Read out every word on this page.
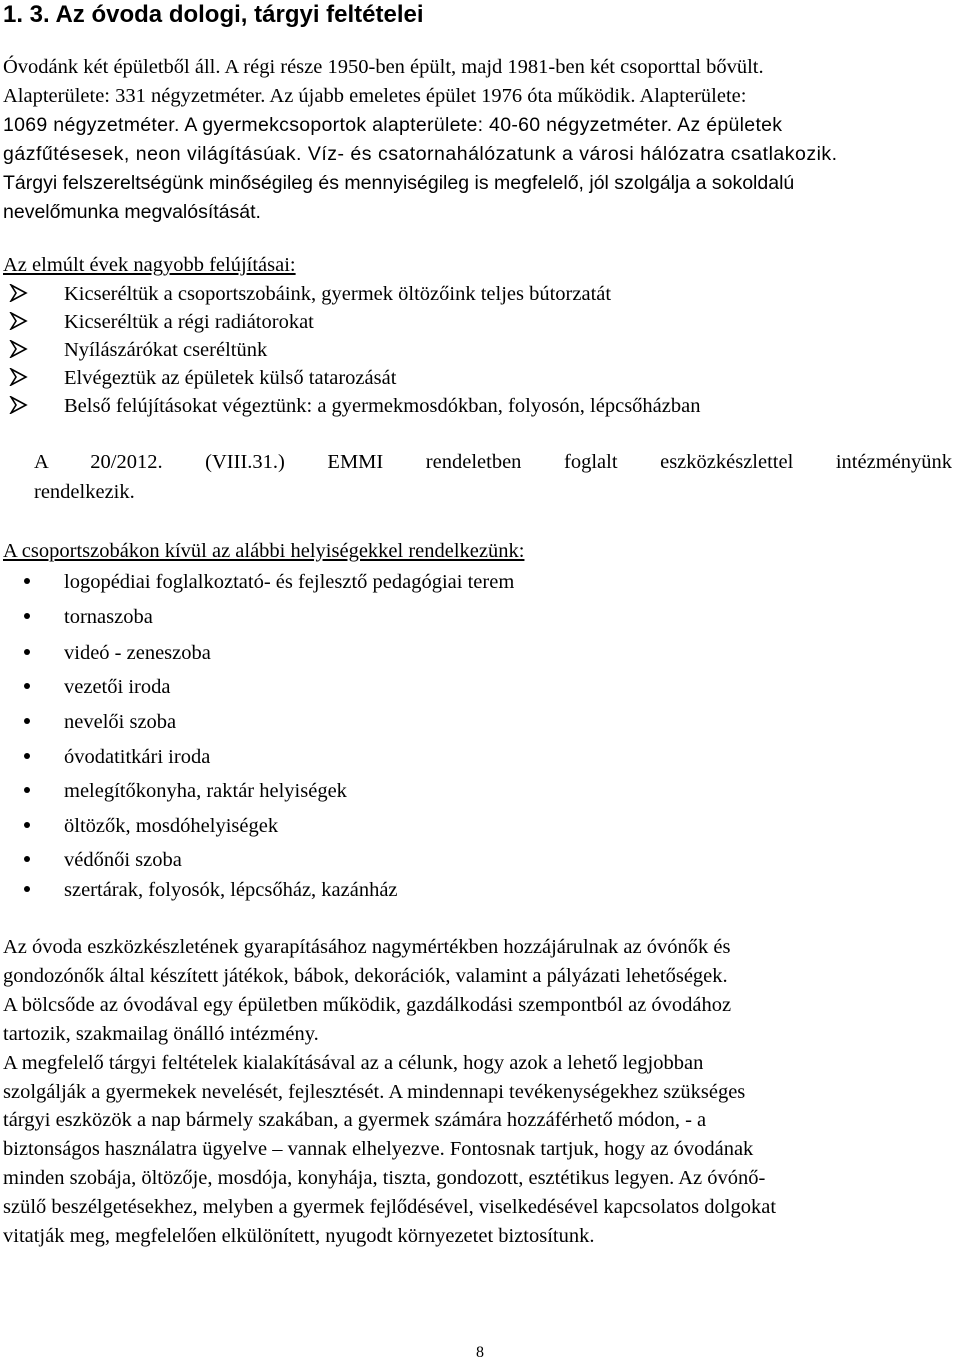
1. 3. Az óvoda dologi, tárgyi feltételei
Óvodánk két épületből áll. A régi része 1950-ben épült, majd 1981-ben két csoporttal bővült.
Alapterülete: 331 négyzetméter. Az újabb emeletes épület 1976 óta működik. Alapterülete:
1069 négyzetméter. A gyermekcsoportok alapterülete: 40-60 négyzetméter. Az épületek
gázfűtésesek, neon világításúak. Víz- és csatornahálózatunk a városi hálózatra csatlakozik.
Tárgyi felszereltségünk minőségileg és mennyiségileg is megfelelő, jól szolgálja a sokoldalú
nevelőmunka megvalósítását.
Az elmúlt évek nagyobb felújításai:
Kicseréltük a csoportszobáink, gyermek öltözőink teljes bútorzatát
Kicseréltük a régi radiátorokat
Nyílászárókat cseréltünk
Elvégeztük az épületek külső tatarozását
Belső felújításokat végeztünk: a gyermekmosdókban, folyosón, lépcsőházban
A 20/2012. (VIII.31.) EMMI rendeletben foglalt eszközkészlettel intézményünk
rendelkezik.
A csoportszobákon kívül az alábbi helyiségekkel rendelkezünk:
logopédiai foglalkoztató- és fejlesztő pedagógiai terem
tornaszoba
videó - zeneszoba
vezetői iroda
nevelői szoba
óvodatitkári iroda
melegítőkonyha, raktár helyiségek
öltözők, mosdóhelyiségek
védőnői szoba
szertárak, folyosók, lépcsőház, kazánház
Az óvoda eszközkészletének gyarapításához nagymértékben hozzájárulnak az óvónők és
gondozónők által készített játékok, bábok, dekorációk, valamint a pályázati lehetőségek.
A bölcsőde az óvodával egy épületben működik, gazdálkodási szempontból az óvodához
tartozik, szakmailag önálló intézmény.
A megfelelő tárgyi feltételek kialakításával az a célunk, hogy azok a lehető legjobban
szolgálják a gyermekek nevelését, fejlesztését. A mindennapi tevékenységekhez szükséges
tárgyi eszközök a nap bármely szakában, a gyermek számára hozzáférhető módon, - a
biztonságos használatra ügyelve – vannak elhelyezve. Fontosnak tartjuk, hogy az óvodának
minden szobája, öltözője, mosdója, konyhája, tiszta, gondozott, esztétikus legyen. Az óvónő-
szülő beszélgetésekhez, melyben a gyermek fejlődésével, viselkedésével kapcsolatos dolgokat
vitatják meg, megfelelően elkülönített, nyugodt környezetet biztosítunk.
8
